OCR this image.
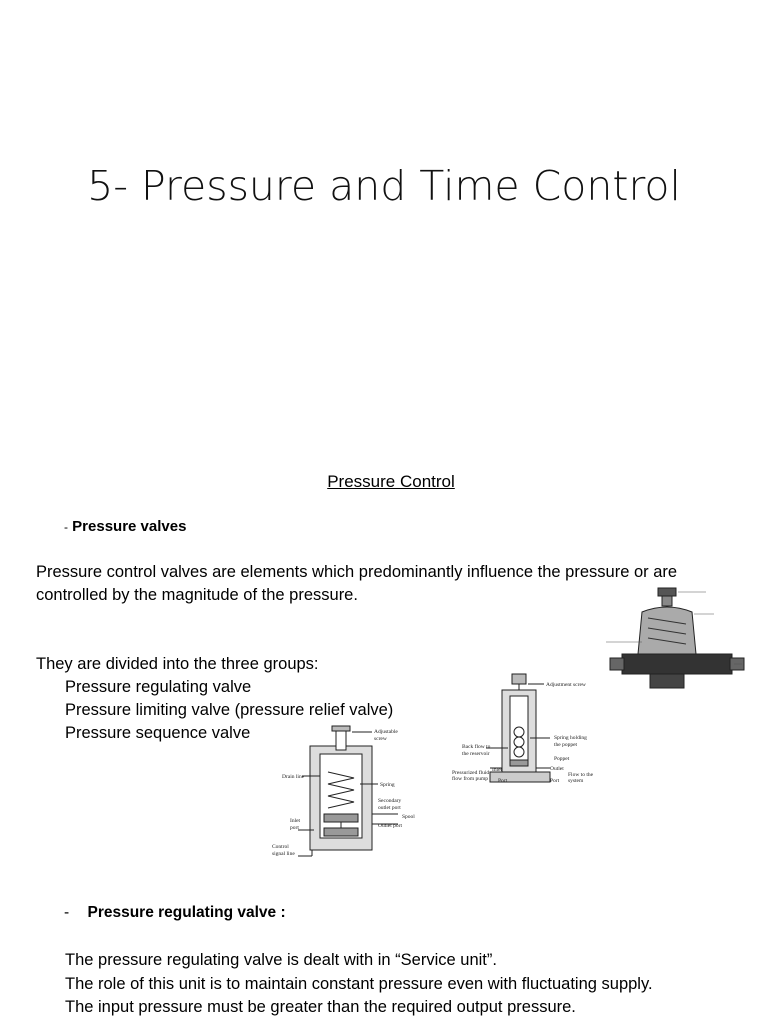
5- Pressure and Time Control
Pressure Control
- Pressure valves
Pressure control valves are elements which predominantly influence the pressure or are
controlled by the magnitude of the pressure.
They are divided into the three groups:
Pressure regulating valve
Pressure limiting valve (pressure relief valve)
Pressure sequence valve	Adjustable
screw
Drain line
Spring
Secondary
outlet port
Spool
Inlet
port	Outlet port
Control
signal line
Adjustment screw
Spring holding
the poppet
Back flow to
the reservoir
Poppet
Outlet
Pressurized fluid
flow from pump
Inlet
Port	Port
Flow to the
system
- Pressure regulating valve :
The pressure regulating valve is dealt with in “Service unit”.
The role of this unit is to maintain constant pressure even with fluctuating supply.
The input pressure must be greater than the required output pressure.
